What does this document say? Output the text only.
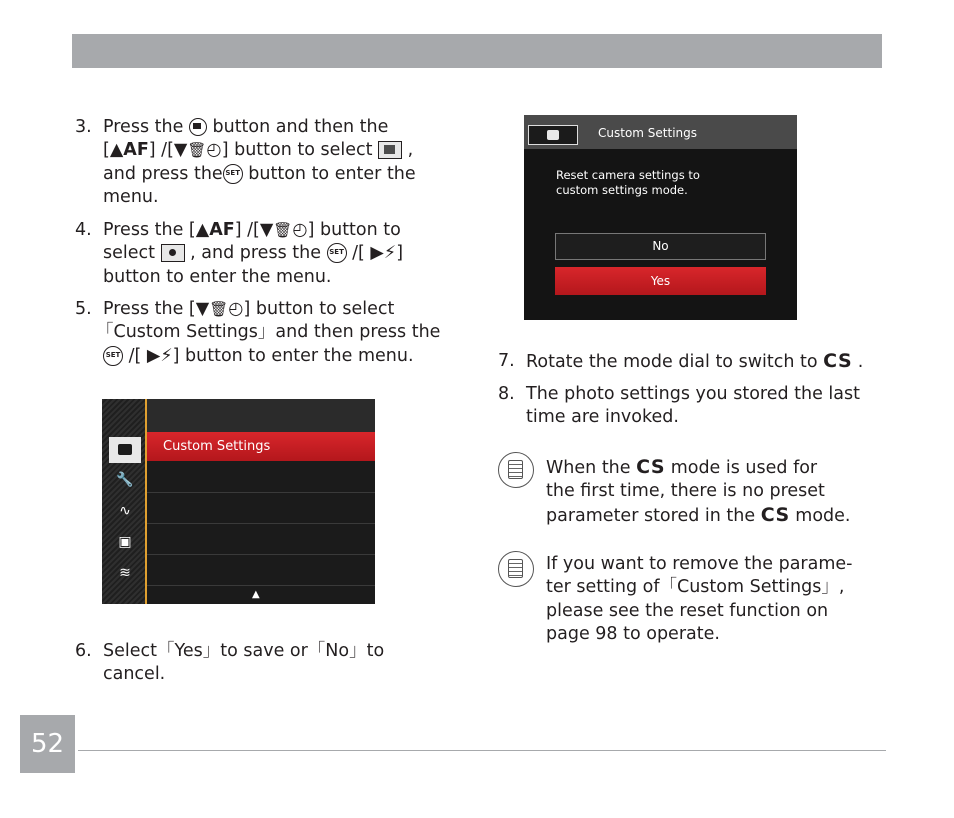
3. Press the button and then the
[▲AF] /[▼🗑◴] button to select ,
and press the SET button to enter the
menu.
4. Press the [▲AF] /[▼🗑◴] button to
select , and press the SET /[ ▶⚡]
button to enter the menu.
5. Press the [▼🗑◴] button to select
「Custom Settings」and then press the
SET /[ ▶⚡] button to enter the menu.
🔧
∿
▣
≋
Custom Settings
▲
6. Select「Yes」to save or「No」to
cancel.
Custom Settings
Reset camera settings to
custom settings mode.
No
Yes
7. Rotate the mode dial to switch to CS .
8. The photo settings you stored the last
time are invoked.
When the CS mode is used for
the first time, there is no preset
parameter stored in the CS mode.
If you want to remove the parame-
ter setting of「Custom Settings」,
please see the reset function on
page 98 to operate.
52
